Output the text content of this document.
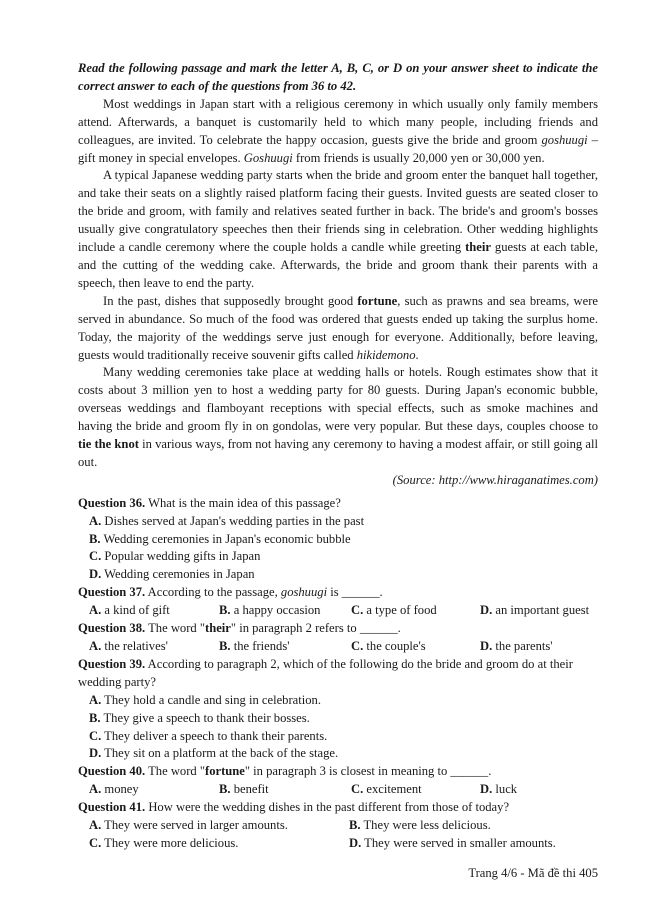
Read the following passage and mark the letter A, B, C, or D on your answer sheet to indicate the correct answer to each of the questions from 36 to 42.

Most weddings in Japan start with a religious ceremony in which usually only family members attend. Afterwards, a banquet is customarily held to which many people, including friends and colleagues, are invited. To celebrate the happy occasion, guests give the bride and groom goshuugi – gift money in special envelopes. Goshuugi from friends is usually 20,000 yen or 30,000 yen.

A typical Japanese wedding party starts when the bride and groom enter the banquet hall together, and take their seats on a slightly raised platform facing their guests. Invited guests are seated closer to the bride and groom, with family and relatives seated further in back. The bride's and groom's bosses usually give congratulatory speeches then their friends sing in celebration. Other wedding highlights include a candle ceremony where the couple holds a candle while greeting their guests at each table, and the cutting of the wedding cake. Afterwards, the bride and groom thank their parents with a speech, then leave to end the party.

In the past, dishes that supposedly brought good fortune, such as prawns and sea breams, were served in abundance. So much of the food was ordered that guests ended up taking the surplus home. Today, the majority of the weddings serve just enough for everyone. Additionally, before leaving, guests would traditionally receive souvenir gifts called hikidemono.

Many wedding ceremonies take place at wedding halls or hotels. Rough estimates show that it costs about 3 million yen to host a wedding party for 80 guests. During Japan's economic bubble, overseas weddings and flamboyant receptions with special effects, such as smoke machines and having the bride and groom fly in on gondolas, were very popular. But these days, couples choose to tie the knot in various ways, from not having any ceremony to having a modest affair, or still going all out.

(Source: http://www.hiraganatimes.com)

Question 36. What is the main idea of this passage?

A. Dishes served at Japan's wedding parties in the past
B. Wedding ceremonies in Japan's economic bubble
C. Popular wedding gifts in Japan
D. Wedding ceremonies in Japan

Question 37. According to the passage, goshuugi is ______.

A. a kind of gift	B. a happy occasion	C. a type of food	D. an important guest

Question 38. The word "their" in paragraph 2 refers to ______.

A. the relatives'	B. the friends'	C. the couple's	D. the parents'

Question 39. According to paragraph 2, which of the following do the bride and groom do at their wedding party?

A. They hold a candle and sing in celebration.
B. They give a speech to thank their bosses.
C. They deliver a speech to thank their parents.
D. They sit on a platform at the back of the stage.

Question 40. The word "fortune" in paragraph 3 is closest in meaning to ______.

A. money	B. benefit	C. excitement	D. luck

Question 41. How were the wedding dishes in the past different from those of today?

A. They were served in larger amounts.	B. They were less delicious.
C. They were more delicious.	D. They were served in smaller amounts.
Trang 4/6 - Mã đề thi 405
